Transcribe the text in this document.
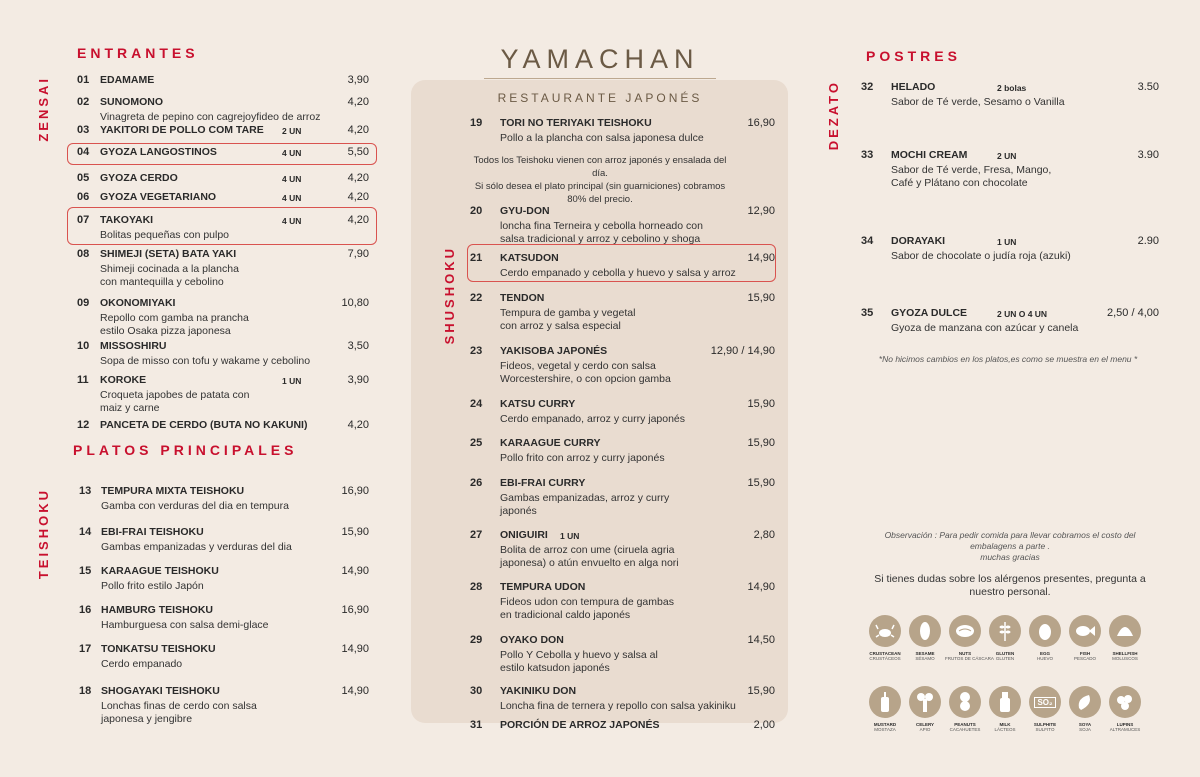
YAMACHAN
RESTAURANTE JAPONÉS
ENTRANTES
ZENSAI
PLATOS PRINCIPALES
TEISHOKU
SHUSHOKU
POSTRES
DEZATO
Todos los Teishoku vienen con arroz japonés y ensalada del día.
Si sólo desea el plato principal (sin guarniciones) cobramos
80% del precio.
*No hicimos cambios en los platos,es como se muestra en el menu *
Observación : Para pedir comida para llevar cobramos el costo del
embalagens a parte .
muchas gracias
Si tienes dudas sobre los alérgenos presentes, pregunta a
nuestro personal.
01 EDAMAME	3,90
02 SUNOMONO	4,20
Vinagreta de pepino con cagrejoyfideo de arroz
03 YAKITORI DE POLLO COM TARE 2 UN	4,20
04 GYOZA LANGOSTINOS	4 UN	5,50
05 GYOZA CERDO	4 UN	4,20
06 GYOZA VEGETARIANO	4 UN	4,20
07 TAKOYAKI	4 UN	4,20
Bolitas pequeñas con pulpo
08 SHIMEJI (SETA) BATA YAKI	7,90
Shimeji cocinada a la plancha
con mantequilla y cebolino
09 OKONOMIYAKI	10,80
Repollo com gamba na prancha
estilo Osaka pizza japonesa
10 MISSOSHIRU	3,50
Sopa de misso con tofu y wakame y cebolino
11 KOROKE	1 UN	3,90
Croqueta japobes de patata con
maiz y carne
12 PANCETA DE CERDO (BUTA NO KAKUNI)	4,20
13 TEMPURA MIXTA TEISHOKU	16,90
Gamba con verduras del dia en tempura
14 EBI-FRAI TEISHOKU	15,90
Gambas empanizadas y verduras del dia
15 KARAAGUE TEISHOKU	14,90
Pollo frito estilo Japón
16 HAMBURG TEISHOKU	16,90
Hamburguesa con salsa demi-glace
17 TONKATSU TEISHOKU	14,90
Cerdo empanado
18 SHOGAYAKI TEISHOKU	14,90
Lonchas finas de cerdo con salsa
japonesa y jengibre
19 TORI NO TERIYAKI TEISHOKU	16,90
Pollo a la plancha con salsa japonesa dulce
20 GYU-DON	12,90
loncha fina Terneira y cebolla horneado con
salsa tradicional y arroz y cebolino y shoga
21 KATSUDON	14,90
Cerdo empanado y cebolla y huevo y salsa y arroz
22 TENDON	15,90
Tempura de gamba y vegetal
con arroz y salsa especial
23 YAKISOBA JAPONÉS	12,90 / 14,90
Fideos, vegetal y cerdo con salsa
Worcestershire, o con opcion gamba
24 KATSU CURRY	15,90
Cerdo empanado, arroz y curry japonés
25 KARAAGUE CURRY	15,90
Pollo frito con arroz y curry japonés
26 EBI-FRAI CURRY	15,90
Gambas empanizadas, arroz y curry
japonés
27 ONIGUIRI 1 UN	2,80
Bolita de arroz con ume (ciruela agria
japonesa) o atún envuelto en alga nori
28 TEMPURA UDON	14,90
Fideos udon con tempura de gambas
en tradicional caldo japonés
29 OYAKO DON	14,50
Pollo Y Cebolla y huevo y salsa al
estilo katsudon japonés
30 YAKINIKU DON	15,90
Loncha fina de ternera y repollo con salsa yakiniku
31 PORCIÓN DE ARROZ JAPONÉS	2,00
32 HELADO	2 bolas	3.50
Sabor de Té verde, Sesamo o Vanilla
33 MOCHI CREAM	2 UN	3.90
Sabor de Té verde, Fresa, Mango,
Café y Plátano con chocolate
34 DORAYAKI	1 UN	2.90
Sabor de chocolate o judía roja (azuki)
35 GYOZA DULCE	2 UN O 4 UN	2,50 / 4,00
Gyoza de manzana con azúcar y canela
CRUSTACEAN
CRUSTÁCEOS
SESAME
SÉSAMO
NUTS
FRUTOS DE CÁSCARA
GLUTEN
GLUTEN
EGG
HUEVO
FISH
PESCADO
SHELLFISH
MOLUSCOS
MUSTARD
MOSTAZA
CELERY
APIO
PEANUTS
CACAHUETES
MILK
LÁCTEOS
SO₂
SULPHITE
SULFITO
SOYA
SOJA
LUPINS
ALTRAMUCES
